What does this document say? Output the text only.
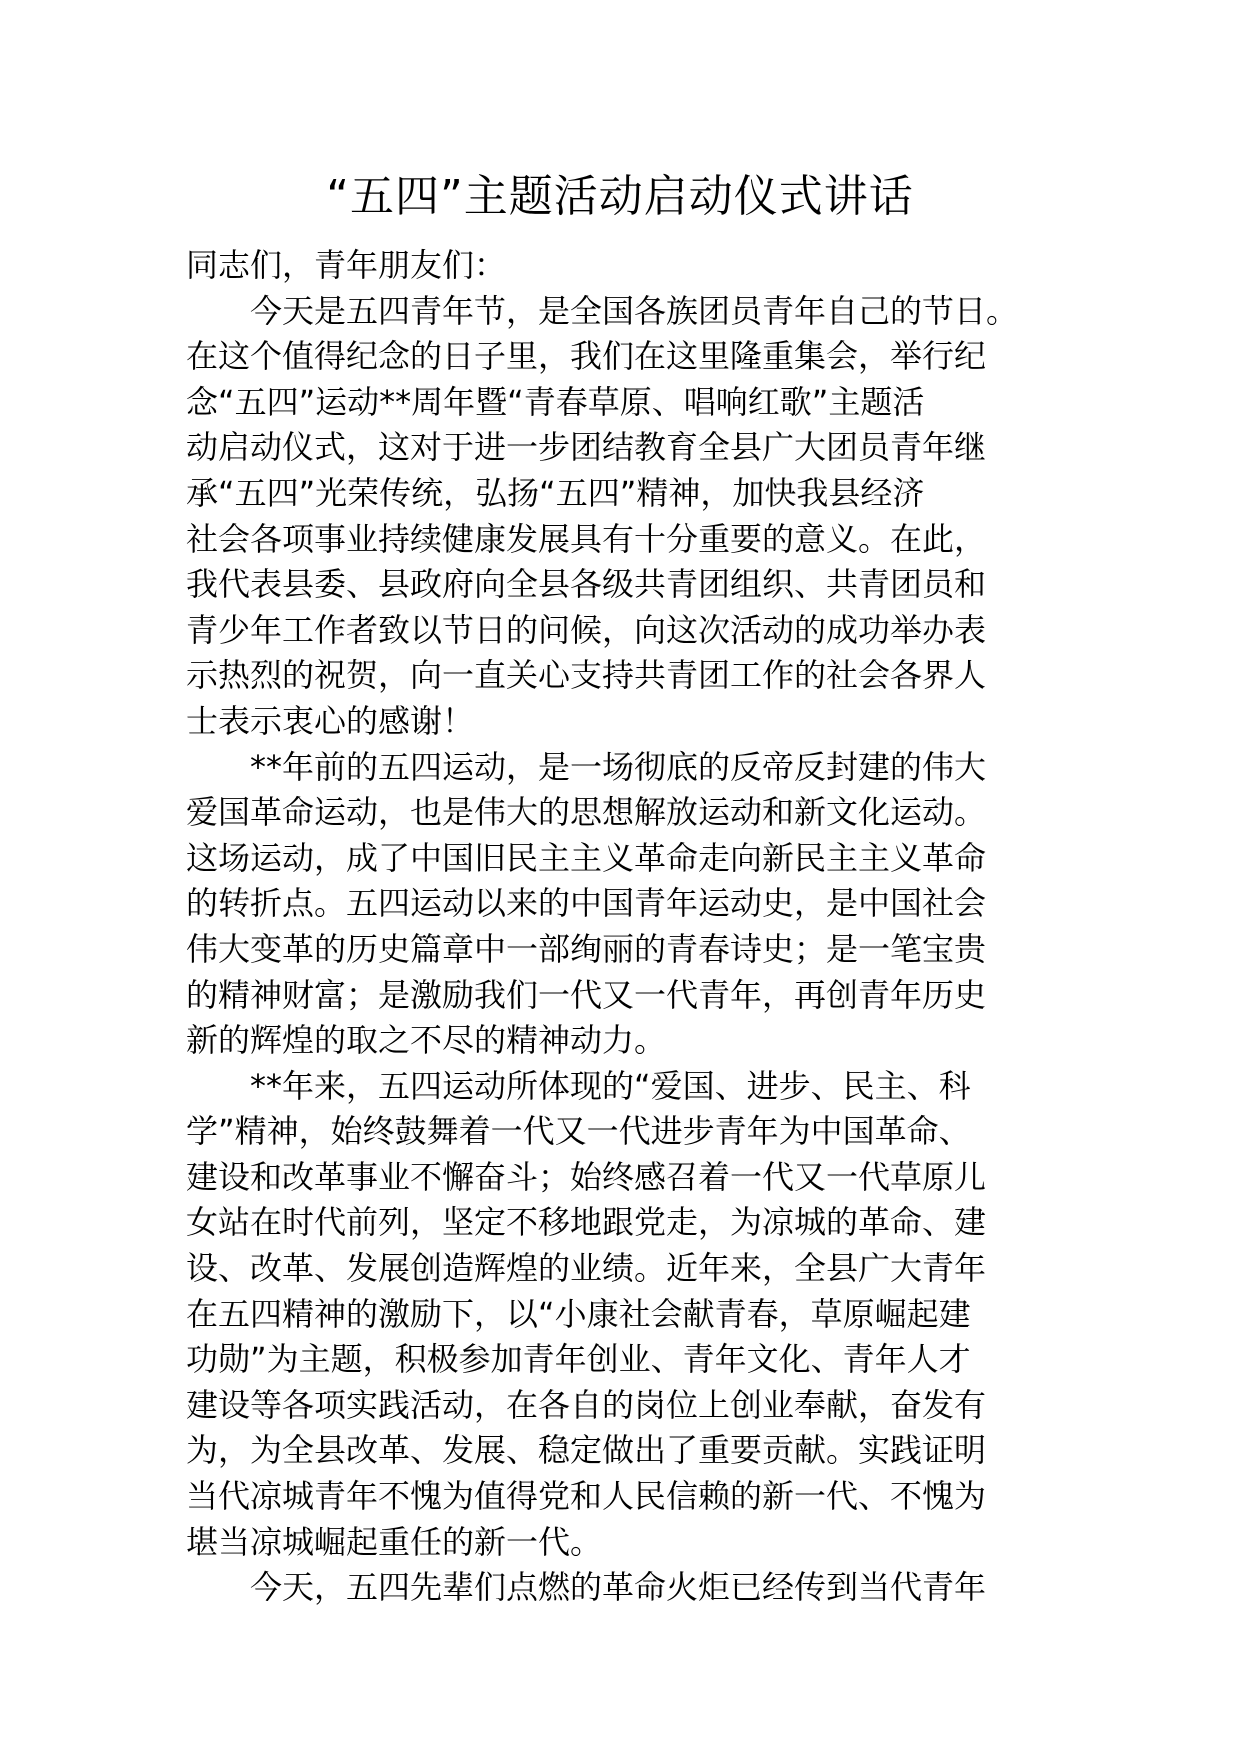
“五四”主题活动启动仪式讲话

同志们，青年朋友们：

今天是五四青年节，是全国各族团员青年自己的节日。
在这个值得纪念的日子里，我们在这里隆重集会，举行纪
念“五四”运动**周年暨“青春草原、唱响红歌”主题活
动启动仪式，这对于进一步团结教育全县广大团员青年继
承“五四”光荣传统，弘扬“五四”精神，加快我县经济
社会各项事业持续健康发展具有十分重要的意义。在此，
我代表县委、县政府向全县各级共青团组织、共青团员和
青少年工作者致以节日的问候，向这次活动的成功举办表
示热烈的祝贺，向一直关心支持共青团工作的社会各界人
士表示衷心的感谢！
**年前的五四运动，是一场彻底的反帝反封建的伟大
爱国革命运动，也是伟大的思想解放运动和新文化运动。
这场运动，成了中国旧民主主义革命走向新民主主义革命
的转折点。五四运动以来的中国青年运动史，是中国社会
伟大变革的历史篇章中一部绚丽的青春诗史；是一笔宝贵
的精神财富；是激励我们一代又一代青年，再创青年历史
新的辉煌的取之不尽的精神动力。
**年来，五四运动所体现的“爱国、进步、民主、科
学”精神，始终鼓舞着一代又一代进步青年为中国革命、
建设和改革事业不懈奋斗；始终感召着一代又一代草原儿
女站在时代前列，坚定不移地跟党走，为凉城的革命、建
设、改革、发展创造辉煌的业绩。近年来，全县广大青年
在五四精神的激励下，以“小康社会献青春，草原崛起建
功勋”为主题，积极参加青年创业、青年文化、青年人才
建设等各项实践活动，在各自的岗位上创业奉献，奋发有
为，为全县改革、发展、稳定做出了重要贡献。实践证明
当代凉城青年不愧为值得党和人民信赖的新一代、不愧为
堪当凉城崛起重任的新一代。
今天，五四先辈们点燃的革命火炬已经传到当代青年
